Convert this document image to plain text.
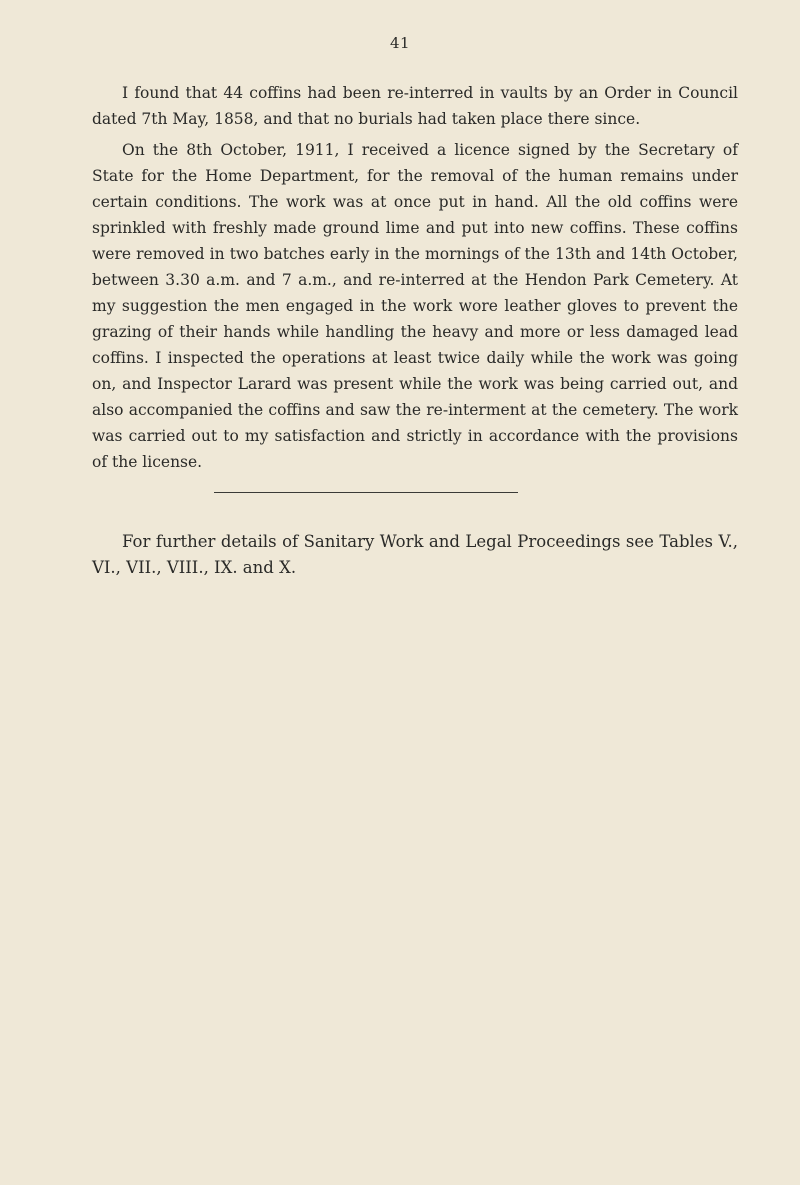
41

I found that 44 coffins had been re-interred in vaults by an Order in Council dated 7th May, 1858, and that no burials had taken place there since.

On the 8th October, 1911, I received a licence signed by the Secretary of State for the Home Department, for the removal of the human remains under certain conditions. The work was at once put in hand. All the old coffins were sprinkled with freshly made ground lime and put into new coffins. These coffins were removed in two batches early in the mornings of the 13th and 14th October, between 3.30 a.m. and 7 a.m., and re-interred at the Hendon Park Cemetery. At my suggestion the men engaged in the work wore leather gloves to prevent the grazing of their hands while handling the heavy and more or less damaged lead coffins. I inspected the operations at least twice daily while the work was going on, and Inspector Larard was present while the work was being carried out, and also accompanied the coffins and saw the re-interment at the cemetery. The work was carried out to my satisfaction and strictly in accordance with the provisions of the license.

For further details of Sanitary Work and Legal Proceedings see Tables V., VI., VII., VIII., IX. and X.
